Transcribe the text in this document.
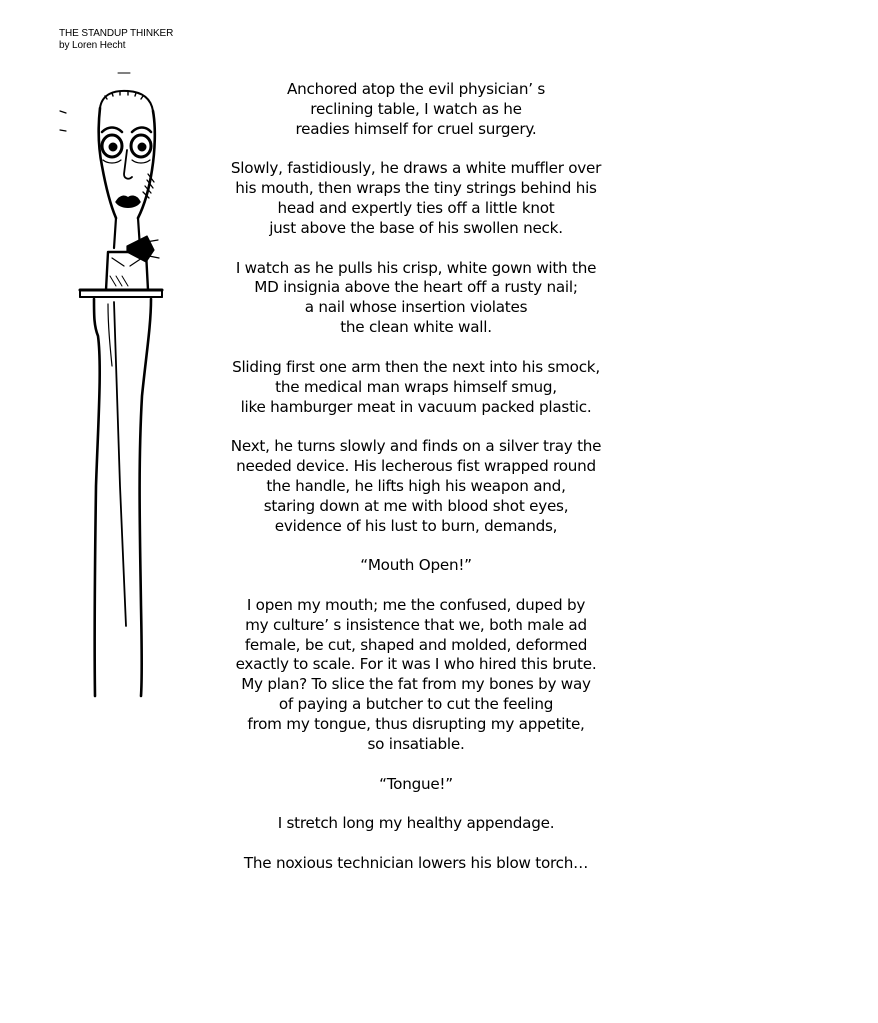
THE STANDUP THINKER
by Loren Hecht
Anchored atop the evil physician’ s
reclining table, I watch as he
readies himself for cruel surgery.
Slowly, fastidiously, he draws a white muffler over
his mouth, then wraps the tiny strings behind his
head and expertly ties off a little knot
just above the base of his swollen neck.
I watch as he pulls his crisp, white gown with the
MD insignia above the heart off a rusty nail;
a nail whose insertion violates
the clean white wall.
Sliding first one arm then the next into his smock,
the medical man wraps himself smug,
like hamburger meat in vacuum packed plastic.
Next, he turns slowly and finds on a silver tray the
needed device. His lecherous fist wrapped round
the handle, he lifts high his weapon and,
staring down at me with blood shot eyes,
evidence of his lust to burn, demands,
“Mouth Open!”
I open my mouth; me the confused, duped by
my culture’ s insistence that we, both male ad
female, be cut, shaped and molded, deformed
exactly to scale. For it was I who hired this brute.
My plan? To slice the fat from my bones by way
of paying a butcher to cut the feeling
from my tongue, thus disrupting my appetite,
so insatiable.
“Tongue!”
I stretch long my healthy appendage.
The noxious technician lowers his blow torch…
